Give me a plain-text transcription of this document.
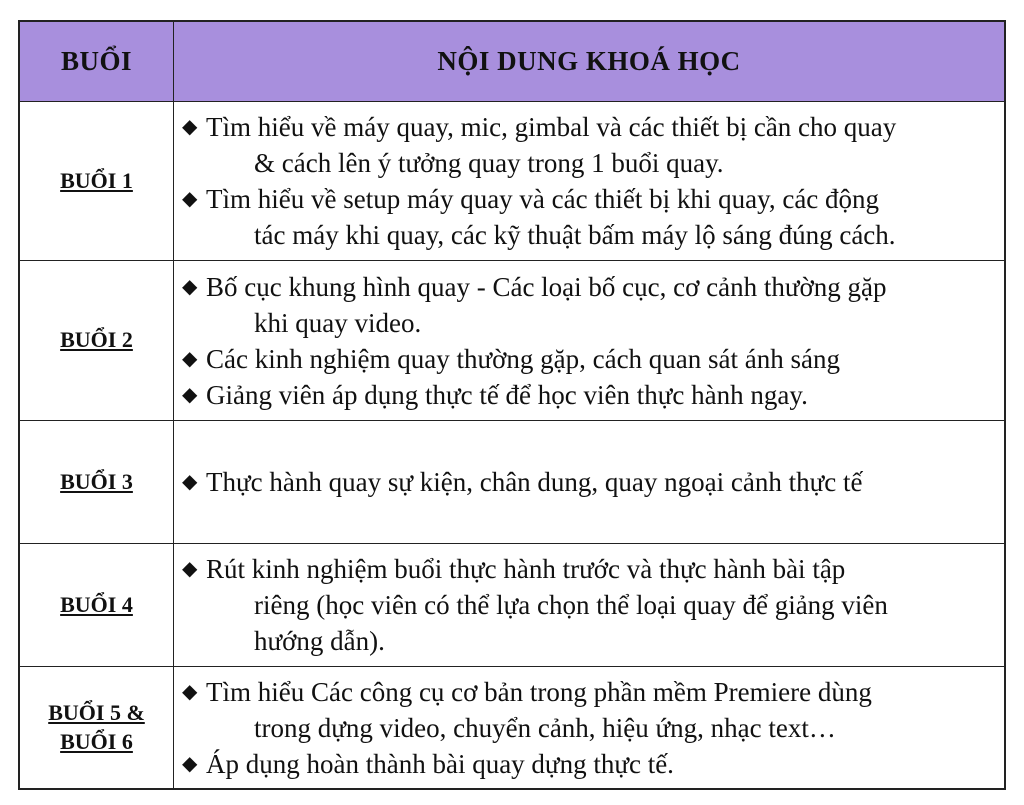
BUỔI	NỘI DUNG KHOÁ HỌC
BUỔI 1
◆ Tìm hiểu về máy quay, mic, gimbal và các thiết bị cần cho quay
& cách lên ý tưởng quay trong 1 buổi quay.
◆ Tìm hiểu về setup máy quay và các thiết bị khi quay, các động
tác máy khi quay, các kỹ thuật bấm máy lộ sáng đúng cách.
BUỔI 2
◆ Bố cục khung hình quay - Các loại bố cục, cơ cảnh thường gặp
khi quay video.
◆ Các kinh nghiệm quay thường gặp, cách quan sát ánh sáng
◆ Giảng viên áp dụng thực tế để học viên thực hành ngay.
BUỔI 3	◆ Thực hành quay sự kiện, chân dung, quay ngoại cảnh thực tế
BUỔI 4
◆ Rút kinh nghiệm buổi thực hành trước và thực hành bài tập
riêng (học viên có thể lựa chọn thể loại quay để giảng viên
hướng dẫn).
BUỔI 5 &
BUỔI 6
◆ Tìm hiểu Các công cụ cơ bản trong phần mềm Premiere dùng
trong dựng video, chuyển cảnh, hiệu ứng, nhạc text…
◆ Áp dụng hoàn thành bài quay dựng thực tế.
